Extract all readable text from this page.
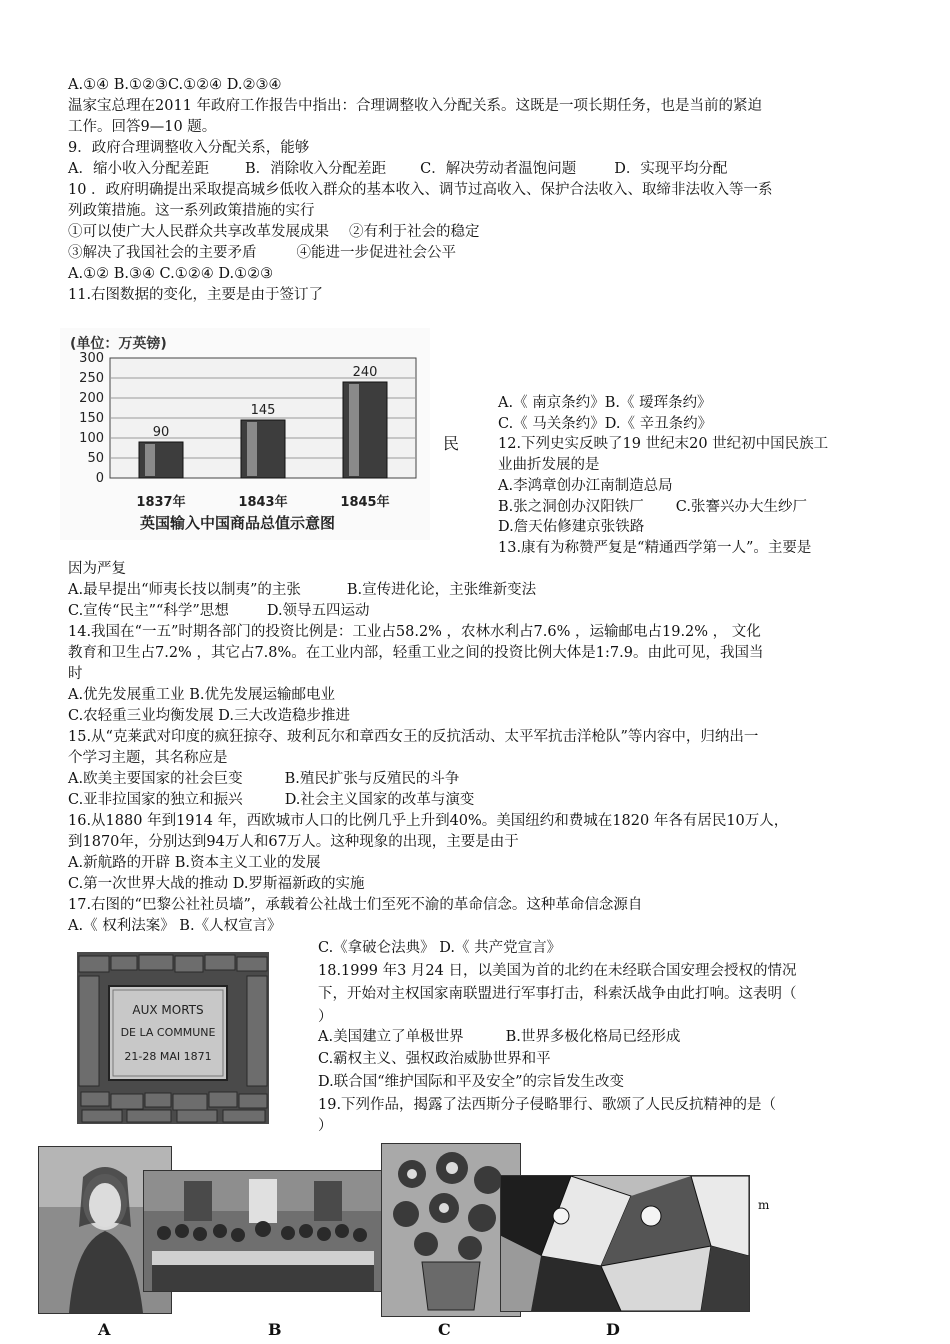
A.①④ B.①②③C.①②④ D.②③④
温家宝总理在2011 年政府工作报告中指出：合理调整收入分配关系。这既是一项长期任务，也是当前的紧迫
工作。回答9—10 题。
9．政府合理调整收入分配关系，能够
A．缩小收入分配差距 B．消除收入分配差距 C．解决劳动者温饱问题	D．实现平均分配
10 ．政府明确提出采取提高城乡低收入群众的基本收入、调节过高收入、保护合法收入、取缔非法收入等一系
列政策措施。这一系列政策措施的实行
①可以使广大人民群众共享改革发展成果 ②有利于社会的稳定
③解决了我国社会的主要矛盾	④能进一步促进社会公平
A.①② B.③④ C.①②④ D.①②③
11.右图数据的变化，主要是由于签订了
(单位：万英镑)
0
50
100
150
200
250
300
90
145
240
1837年	1843年	1845年
英国输入中国商品总值示意图
民
A.《 南京条约》B.《 瑷珲条约》
C.《 马关条约》D.《 辛丑条约》
12.下列史实反映了19 世纪末20 世纪初中国民族工
业曲折发展的是
A.李鸿章创办江南制造总局
B.张之洞创办汉阳铁厂 C.张謇兴办大生纱厂
D.詹天佑修建京张铁路
13.康有为称赞严复是“精通西学第一人”。主要是
因为严复
A.最早提出“师夷长技以制夷”的主张	B.宣传进化论，主张维新变法
C.宣传“民主”“科学”思想	D.领导五四运动
14.我国在“一五”时期各部门的投资比例是：工业占58.2% ，农林水利占7.6% ，运输邮电占19.2% ， 文化
教育和卫生占7.2% ，其它占7.8%。在工业内部，轻重工业之间的投资比例大体是1:7.9。由此可见，我国当
时
A.优先发展重工业 B.优先发展运输邮电业
C.农轻重三业均衡发展 D.三大改造稳步推进
15.从“克莱武对印度的疯狂掠夺、玻利瓦尔和章西女王的反抗活动、太平军抗击洋枪队”等内容中，归纳出一
个学习主题，其名称应是
A.欧美主要国家的社会巨变	B.殖民扩张与反殖民的斗争
C.亚非拉国家的独立和振兴	D.社会主义国家的改革与演变
16.从1880 年到1914 年，西欧城市人口的比例几乎上升到40%。美国纽约和费城在1820 年各有居民10万人，
到1870年，分别达到94万人和67万人。这种现象的出现，主要是由于
A.新航路的开辟 B.资本主义工业的发展
C.第一次世界大战的推动 D.罗斯福新政的实施
17.右图的“巴黎公社社员墙”，承载着公社战士们至死不渝的革命信念。这种革命信念源自
A.《 权利法案》 B.《人权宣言》
AUX MORTS
DE LA COMMUNE
21-28 MAI 1871
C.《拿破仑法典》 D.《 共产党宣言》
18.1999 年3 月24 日，以美国为首的北约在未经联合国安理会授权的情况
下，开始对主权国家南联盟进行军事打击，科索沃战争由此打响。这表明（
）
A.美国建立了单极世界	B.世界多极化格局已经形成
C.霸权主义、强权政治威胁世界和平
D.联合国“维护国际和平及安全”的宗旨发生改变
19.下列作品，揭露了法西斯分子侵略罪行、歌颂了人民反抗精神的是（
）
m
A	B	C	D
